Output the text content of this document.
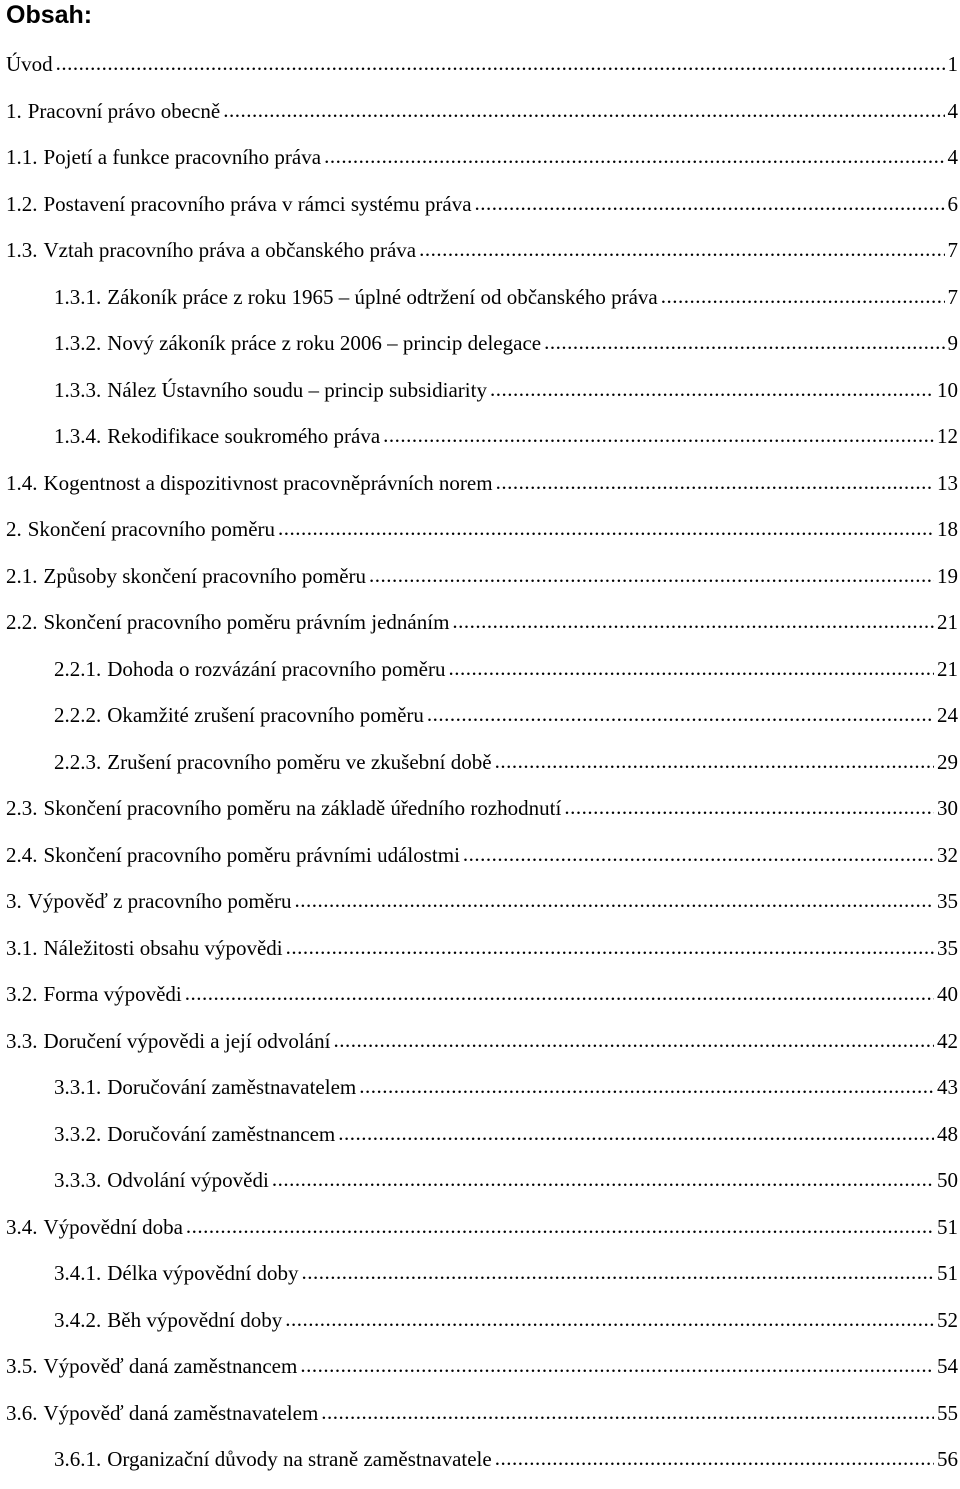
Obsah:
Úvod .....	1
1. Pracovní právo obecně .....	4
1.1. Pojetí a funkce pracovního práva .....	4
1.2. Postavení pracovního práva v rámci systému práva .....	6
1.3. Vztah pracovního práva a občanského práva .....	7
1.3.1. Zákoník práce z roku 1965 – úplné odtržení od občanského práva .....	7
1.3.2. Nový zákoník práce z roku 2006 – princip delegace .....	9
1.3.3. Nález Ústavního soudu – princip subsidiarity .....	10
1.3.4. Rekodifikace soukromého práva .....	12
1.4. Kogentnost a dispozitivnost pracovněprávních norem .....	13
2. Skončení pracovního poměru .....	18
2.1. Způsoby skončení pracovního poměru .....	19
2.2. Skončení pracovního poměru právním jednáním .....	21
2.2.1. Dohoda o rozvázání pracovního poměru .....	21
2.2.2. Okamžité zrušení pracovního poměru .....	24
2.2.3. Zrušení pracovního poměru ve zkušební době .....	29
2.3. Skončení pracovního poměru na základě úředního rozhodnutí .....	30
2.4. Skončení pracovního poměru právními událostmi .....	32
3. Výpověď z pracovního poměru .....	35
3.1. Náležitosti obsahu výpovědi .....	35
3.2. Forma výpovědi .....	40
3.3. Doručení výpovědi a její odvolání .....	42
3.3.1. Doručování zaměstnavatelem .....	43
3.3.2. Doručování zaměstnancem .....	48
3.3.3. Odvolání výpovědi .....	50
3.4. Výpovědní doba .....	51
3.4.1. Délka výpovědní doby .....	51
3.4.2. Běh výpovědní doby .....	52
3.5. Výpověď daná zaměstnancem .....	54
3.6. Výpověď daná zaměstnavatelem .....	55
3.6.1. Organizační důvody na straně zaměstnavatele .....	56
